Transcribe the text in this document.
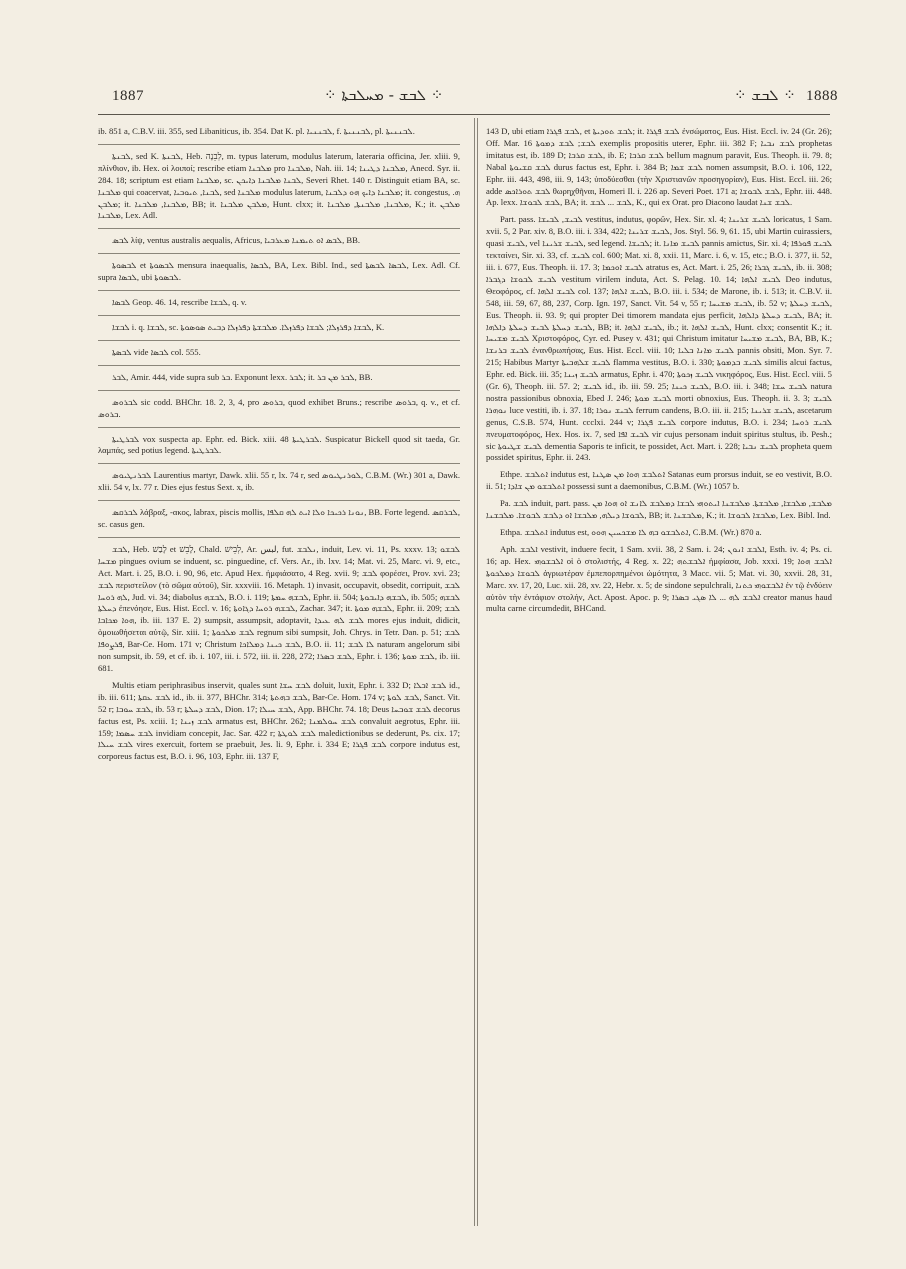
1887	⁘ ܠܒܫ - ܡܚܠܒܬܐ ⁘	⁘ ܠܒܫ ⁘ 1888

ib. 851 a, C.B.V. iii. 355, sed Libaniticus, ib. 354. Dat K. pl. ܠܒܢܢܝܐ, f. ܠܒܢܢܝܬܐ, pl. ܠܒܢܢܝܬܐ.

ܠܒܢܬܐ, sed K. ܠܒܢܬܐ, Heb. לְבֵנָה, m. typus laterum, modulus laterum, lateraria officina, Jer. xliii. 9, πλίνθιον, ib. Hex. οἱ λοιποί; rescribe etiam ܡܠܒܢܐ pro ܡܠܒܢܐ, Nah. iii. 14; ܡܠܒܢܐ ܕܛܝܢܐ, Anecd. Syr. ii. 284. 18; scriptum est etiam ܡܠܒܢܐ, sc. ܠܒܢܐ ܡܠܒܢܐ ܕܐܝܟܢ, Severi Rhet. 140 r. Distinguit etiam BA, sc. ܡܠܒܢܐ qui coacervat, ܠܒܢܐ, ܬܝܘܒܝܐ, sed ܡܠܒܢܐ modulus laterum, ܡܠܒܢܐ ܕܐܝܟ ܗܘ ܕܠܒܢܐ; it. congestus, ܗ. ܡܠܒܢ; it. ܡܠܒܢܐ, ܡܠܒܢܐ, BB; it. ܡܠܒܢ ܡܠܒܢܐ, Hunt. clxx; it. ܡܠܒܢܐ, ܡܠܒܢܬܐ, ܡܠܒܢܐ, K.; it. ܡܠܒܢ ܡܠܒܢܐ, Lex. Adl.

ܠܒܣ λίψ, ventus australis aequalis, Africus, ܠܒܣ ܐܘ ܬܝܡܢܐ ܡܥܪܒܝܐ, BB.

ܠܒܣܘܬܐ et ܠܒܣܘܬܐ mensura inaequalis, ܠܒܣܐ, BA, Lex. Bibl. Ind., sed ܠܒܣܐ ܠܒܣܬܐ, Lex. Adl. Cf. supra ܠܒܣܐ, ubi ܠܒܣܘܬܐ.

ܠܒܣܐ Geop. 46. 14, rescribe ܠܒܫܐ, q. v.

ܠܒܫܐ i. q. ܠܒܫܐ, sc. ܠܒܫܐ ܕܦܪܙܠܐ; ܠܒܫܐ ܕܦܪܙܠܐ. ܡܠܒܫܬܐ ܕܦܪܙܠܐ ܕܒܝܬ ܣܘܣܘܬܐ, K.

ܠܒܣܬܐ vide ܠܒܣܐ col. 555.

ܠܒܪ, Amir. 444, vide supra sub ܒܪ. Exponunt lexx. ܠܒܪ; it. ܠܒܪ ܡܢ ܒܪ, BB.

ܠܒܪܘܣ sic codd. BHChr. 18. 2, 3, 4, pro ܒܪܘܣ, quod exhibet Bruns.; rescribe ܒܪܘܣ, q. v., et cf. ܒܪܘܣ.

ܠܒܪܛܝܬܐ vox suspecta ap. Ephr. ed. Bick. xiii. 48 ܠܒܪܛܝܬܐ. Suspicatur Bickell quod sit taeda, Gr. λαμπάς, sed potius legend. ܠܒܪܛܝܬܐ.

ܠܒܪܢܛܝܘܣ Laurentius martyr, Dawk. xlii. 55 r, lx. 74 r, sed ܠܘܪܢܛܝܘܣ, C.B.M. (Wr.) 301 a, Dawk. xlii. 54 v, lx. 77 r. Dies ejus festus Sext. x, ib.

ܠܒܪܩܣ λάβραξ, -ακος, labrax, piscis mollis, ܢܘܢܐ ܪܟܝܟܐ ܘܠܐ ܐܝܬ ܠܗ ܩܠܦܐ, BB. Forte legend. ܠܒܪܩܣ, sc. casus gen.

ܠܒܫ, Heb. לָבַשׁ et לָבֵשׁ, Chald. לְבֵישׁ, Ar. لبس, fut. ܢܠܒܫ, induit, Lev. vi. 11, Ps. xxxv. 13; ܠܒܫܘ ܡܫܚܐ pingues ovium se induent, sc. pinguedine, cf. Vers. Ar., ib. lxv. 14; Mat. vi. 25, Marc. vi. 9, etc., Act. Mart. i. 25, B.O. i. 90, 96, etc. Apud Hex. ἠμφιάσατο, 4 Reg. xvii. 9; ܠܒܫ φορέσει, Prov. xvi. 23; ܠܒܫ περιστείλον (τὸ σῶμα αὐτοῦ), Sir. xxxviii. 16. Metaph. 1) invasit, occupavit, obsedit, corripuit, ܠܒܫ ܠܗ ܪܘܚܐ, Jud. vi. 34; diabolus ܠܒܫܗ, B.O. i. 119; ܠܒܫܗ ܚܡܬܐ, Ephr. ii. 504; ܠܒܫܗ ܕܐܝܒܘܬܐ, ib. 505; ܠܒܫܗ ܕܚܠܬܐ ἐπενόησε, Eus. Hist. Eccl. v. 16; ܠܒܫܗ ܪܘܚܐ ܕܓܐܘܬܐ, Zachar. 347; it. ܠܒܫܗ ܡܘܬܐ, Ephr. ii. 209; ܠܒܫ ܗܘܐ ܡܟܐܒܐ, ib. iii. 137 E. 2) sumpsit, assumpsit, adoptavit, ܠܒܫ ܠܗ ܥܝܕܐ mores ejus induit, didicit, ὁμοιωθήσεται αὐτῷ, Sir. xiii. 1; ܠܒܫ ܡܠܟܘܬܐ regnum sibi sumpsit, Joh. Chrys. in Tetr. Dan. p. 51; ܠܒܫ ܦܪܨܘܦܐ, Bar-Ce. Hom. 171 v; Christum ܠܒܫ ܟܝܢܐ ܕܡܠܐܟܐ, B.O. ii. 11; ܠܐ ܠܒܫ naturam angelorum sibi non sumpsit, ib. 59, et cf. ib. i. 107, iii. i. 572, iii. ii. 228, 272; ܠܒܫ ܒܣܪܐ, Ephr. i. 136; ܠܒܫ ܡܘܬܐ, ib. iii. 681.

Multis etiam periphrasibus inservit, quales sunt ܠܒܫ ܚܫܐ doluit, luxit, Ephr. i. 332 D; ܠܒܫ ܐܒܠܐ id., ib. iii. 611; ܠܒܫ ܥܩܬܐ id., ib. ii. 377, BHChr. 314; ܠܒܫ ܒܗܬܬܐ, Bar-Ce. Hom. 174 v; ܠܒܫ ܠܘܬܐ, Sanct. Vit. 52 r; ܠܒܫ ܚܘܒܐ, ib. 53 r; ܠܒܫ ܕܚܠܬܐ, Dion. 17; ܠܒܫ ܚܝܠܐ, App. BHChr. 74. 18; Deus ܠܒܫ ܫܘܒܚܐ decorus factus est, Ps. xciii. 1; ܠܒܫ ܙܝܢܐ armatus est, BHChr. 262; ܠܒܫ ܚܘܠܡܢܐ convaluit aegrotus, Ephr. iii. 159; ܠܒܫ ܚܣܡܐ invidiam concepit, Jac. Sar. 422 r; ܠܒܫ ܠܘܛܬܐ maledictionibus se dederunt, Ps. cix. 17; ܠܒܫ ܚܝܠܐ vires exercuit, fortem se praebuit, Jes. li. 9, Ephr. i. 334 E; ܠܒܫ ܦܓܪܐ corpore indutus est, corporeus factus est, B.O. i. 96, 103, Ephr. iii. 137 F,

143 D, ubi etiam ܠܒܫ ܦܓܪܐ, et ܠܒܫ ܬܘܕܝܬܐ; it. ܠܒܫ ܦܓܪܐ ἐνσώματος, Eus. Hist. Eccl. iv. 24 (Gr. 26); Off. Mar. 16 ܠܒܫ; ܠܒܫ ܕܡܘܬܐ exemplis propositis uterer, Ephr. iii. 382 F; ܠܒܫ ܢܒܝܐ prophetas imitatus est, ib. 189 D; ܠܒܫ ܩܪܒܐ, ib. E; ܠܒܫ ܩܪܒܐ bellum magnum paravit, Eus. Theoph. ii. 79. 8; Nabal ܠܒܫ ܩܫܝܘܬܐ durus factus est, Ephr. i. 384 B; ܠܒܫ ܫܡܐ nomen assumpsit, B.O. i. 106, 122, Ephr. iii. 443, 498, iii. 9, 143; ὑποδύεσθαι (τὴν Χριστιανῶν προσηγορίαν), Eus. Hist. Eccl. iii. 26; adde ܠܒܫ ܬܘܪܐܟܣ θωρηχθῆναι, Homeri Il. i. 226 ap. Severi Poet. 171 a; ܠܒܫ ܠܒܘܫܐ, Ephr. iii. 448. Ap. lexx. ܠܒܫ ܠܒܘܫܐ, BA; it. ܠܒܫ ... ܠܒܫ, K., qui ex Orat. pro Diacono laudat ܠܒܫ ܫܢܐ.

Part. pass. ܠܒܝܫ, ܠܒܝܫܐ vestitus, indutus, φορῶν, Hex. Sir. xl. 4; ܠܒܝܫ ܫܪܝܢܐ loricatus, 1 Sam. xvii. 5, 2 Par. xiv. 8, B.O. iii. i. 334, 422; ܠܒܝܫ ܫܪܝܢܐ, Jos. Styl. 56. 9, 61. 15, ubi Martin cuirassiers, quasi ܠܒܝܫ, vel ܠܒܝܫ ܫܪܝܢܐ, sed legend. ܠܒܝܫܐ; it. ܠܒܝܫ ܡܐܢܐ pannis amictus, Sir. xi. 4; ܠܒܝܫ ܦܘܪܦܐ τεκταίνει, Sir. xi. 33, cf. ܠܒܝܫ col. 600; Mat. xi. 8, xxii. 11, Marc. i. 6, v. 15, etc.; B.O. i. 377, ii. 52, iii. i. 677, Eus. Theoph. ii. 17. 3; ܠܒܝܫ ܐܘܟܡܐ atratus es, Act. Mart. i. 25, 26; ܠܒܝܫ ܓܒܪܐ, ib. ii. 308; ܠܒܝܫ ܠܒܘܫܐ ܕܓܒܪܐ vestitum virilem induta, Act. S. Pelag. 10. 14; ܠܒܝܫ ܐܠܗܐ Deo indutus, Θεοφόρος, cf. ܠܒܝܫ ܐܠܗܐ col. 137; ܠܒܝܫ ܐܠܗܐ, B.O. iii. i. 534; de Marone, ib. i. 513; it. C.B.V. ii. 548, iii. 59, 67, 88, 237, Corp. Ign. 197, Sanct. Vit. 54 v, 55 r; ܠܒܝܫ ܡܫܝܚܐ, ib. 52 v; ܠܒܝܫ ܕܚܠܬܐ, Eus. Theoph. ii. 93. 9; qui propter Dei timorem mandata ejus perficit, ܠܒܝܫ ܕܚܠܬܐ ܕܐܠܗܐ, BA; it. ܠܒܝܫ ܕܚܠܬܐ ܠܒܝܫ ܕܚܠܬܐ ܕܐܠܗܐ, BB; it. ܠܒܝܫ ܐܠܗܐ, ib.; it. ܠܒܝܫ ܐܠܗܐ, Hunt. clxx; consentit K.; it. ܠܒܝܫ ܡܫܝܚܐ Χριστοφόρος, Cyr. ed. Pusey v. 431; qui Christum imitatur ܠܒܝܫ ܡܫܝܚܐ, BA, BB, K.; ܠܒܝܫ ܒܪܢܫܐ ἐνανθρωπήσας, Eus. Hist. Eccl. viii. 10; ܠܒܝܫ ܡܐܢܐ ܒܠܝܐ pannis obsiti, Mon. Syr. 7. 215; Habibus Martyr ܠܒܝܫ ܫܠܗܒܝܬܐ flamma vestitus, B.O. i. 330; ܠܒܝܫ ܒܕܡܘܬܐ similis alcui factus, Ephr. ed. Bick. iii. 35; ܠܒܝܫ ܙܝܢܐ armatus, Ephr. i. 470; ܠܒܝܫ ܙܟܘܬܐ νικηφόρος, Eus. Hist. Eccl. viii. 5 (Gr. 6), Theoph. iii. 57. 2; ܠܒܝܫ id., ib. iii. 59. 25; ܠܒܝܫ ܟܝܢܐ, B.O. iii. i. 348; ܠܒܝܫ ܚܫܐ natura nostra passionibus obnoxia, Ebed J. 246; ܠܒܝܫ ܡܘܬܐ morti obnoxius, Eus. Theoph. ii. 3. 3; ܠܒܝܫ ܢܘܗܪܐ luce vestiti, ib. i. 37. 18; ܠܒܝܫ ܢܘܪܐ ferrum candens, B.O. iii. ii. 215; ܠܒܝܫ ܫܪܝܢܐ, ascetarum genus, C.S.B. 574, Hunt. ccclxi. 244 v; ܠܒܝܫ ܦܓܪܐ corpore indutus, B.O. i. 234; ܠܒܝܫ ܪܘܚܐ πνευματοφόρος, Hex. Hos. ix. 7, sed ܠܒܝܫ ܐܦܐ vir cujus personam induit spiritus stultus, ib. Pesh.; sic ܠܒܝܫ ܫܛܝܘܬܐ dementia Saporis te inficit, te possidet, Act. Mart. i. 228; ܠܒܝܫ ܢܒܝܐ propheta quem possidet spiritus, Ephr. ii. 243.

Ethpe. ܐܬܠܒܫ indutus est, ܐܬܠܒܫ ܗܘܐ ܡܢ ܣܛܢܐ Satanas eum prorsus induit, se eo vestivit, B.O. ii. 51; ܐܬܠܒܫܘ ܡܢ ܫܐܕܐ possessi sunt a daemonibus, C.B.M. (Wr.) 1057 b.

Pa. ܠܒܫ induit, part. pass. ܡܠܒܫ, ܡܠܒܫܐ, ܡܠܒܫܬܐ. ܡܠܒܫܢܐ ܐܝܬܘܗܝ ܠܒܫܐ ܕܡܠܒܫ ܠܐܢܫ ܐܘ ܗܘܐ ܡܢ ܠܒܘܫܐ ܕܝܠܗ, ܡܠܒܫܐ ܐܘ ܕܠܒܫ ܠܒܘܫܐ. ܡܠܒܫܢܐ, BB; it. ܡܠܒܫܢܐ, K.; it. ܡܠܒܫܐ ܠܒܘܫܐ, Lex. Bibl. Ind.

Ethpa. ܐܬܠܒܫ indutus est, ܐܬܠܒܫܘ ܒܗ ܠܐ ܡܫܟܚܝܢ ܗܘܘ, C.B.M. (Wr.) 870 a.

Aph. ܐܠܒܫ vestivit, induere fecit, 1 Sam. xvii. 38, 2 Sam. i. 24; ܐܠܒܫ ܐܢܘܢ, Esth. iv. 4; Ps. ci. 16; ap. Hex. ܐܠܒܫܘܗܝ οἱ ὁ στολιστής, 4 Reg. x. 22; ܐܠܒܫܬܗ ἠμφίασα, Job. xxxi. 19; ܐܠܒܫ ܗܘܐ ܠܒܘܫܐ ܕܡܠܟܘܬܐ ἀγριωτέραν ἐμπεπορπημένοι ὠμότητα, 3 Macc. vii. 5; Mat. vi. 30, xxvii. 28, 31, Marc. xv. 17, 20, Luc. xii. 28, xv. 22, Hebr. x. 5; de sindone sepulchrali, ܐܠܒܫܘܗܝ ܟܬܢܐ ἐν τῷ ἐνδύειν αὐτὸν τὴν ἐντάφιον στολήν, Act. Apost. Apoc. p. 9; ܐܠܒܫ ܠܗ ... ܠܐ ܣܓܝ ܒܣܪܐ creator manus haud multa carne circumdedit, BHCand.
